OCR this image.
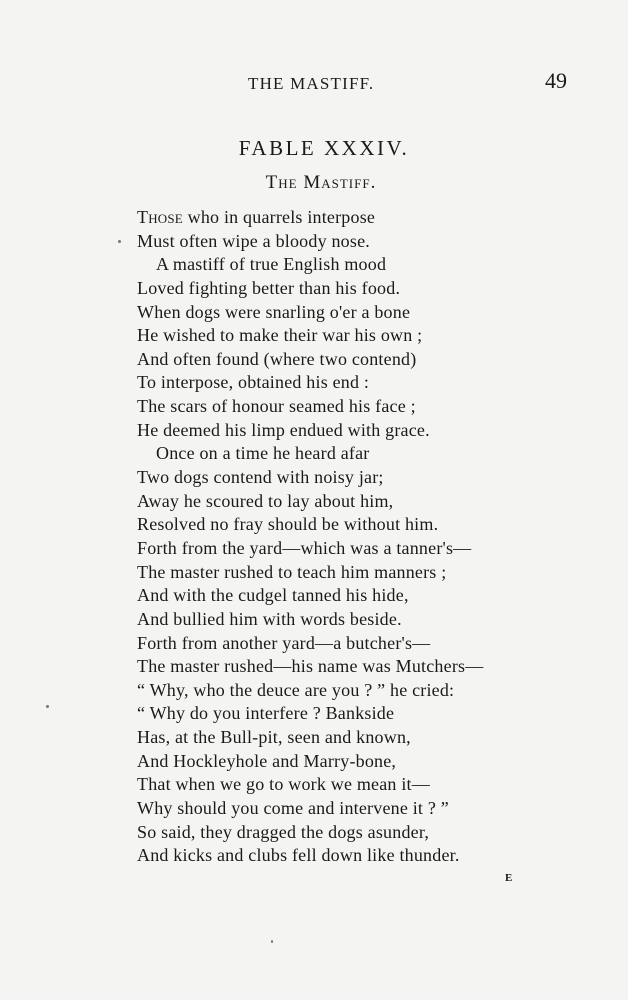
THE MASTIFF.	49
FABLE XXXIV.
The Mastiff.
Those who in quarrels interpose
Must often wipe a bloody nose.
A mastiff of true English mood
Loved fighting better than his food.
When dogs were snarling o'er a bone
He wished to make their war his own ;
And often found (where two contend)
To interpose, obtained his end :
The scars of honour seamed his face ;
He deemed his limp endued with grace.
Once on a time he heard afar
Two dogs contend with noisy jar;
Away he scoured to lay about him,
Resolved no fray should be without him.
Forth from the yard—which was a tanner's—
The master rushed to teach him manners ;
And with the cudgel tanned his hide,
And bullied him with words beside.
Forth from another yard—a butcher's—
The master rushed—his name was Mutchers—
“ Why, who the deuce are you ? ” he cried:
“ Why do you interfere ? Bankside
Has, at the Bull-pit, seen and known,
And Hockleyhole and Marry-bone,
That when we go to work we mean it—
Why should you come and intervene it ? ”
So said, they dragged the dogs asunder,
And kicks and clubs fell down like thunder.
E
